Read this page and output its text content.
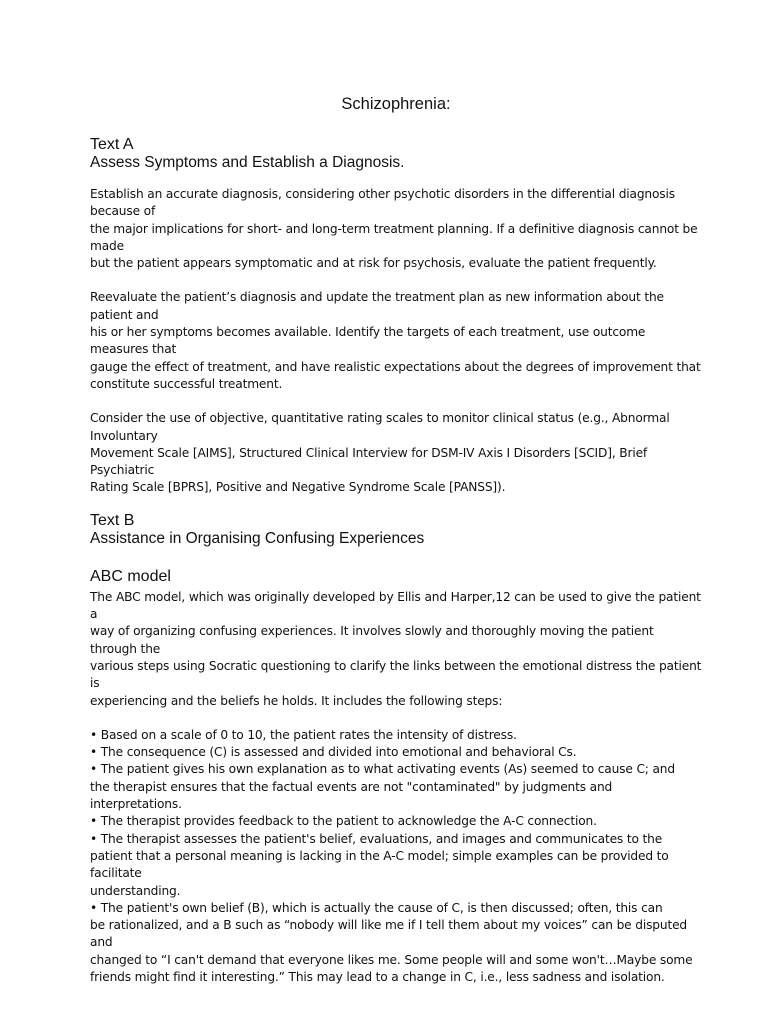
Schizophrenia:
Text A
Assess Symptoms and Establish a Diagnosis.

Establish an accurate diagnosis, considering other psychotic disorders in the differential diagnosis because of
the major implications for short- and long-term treatment planning. If a definitive diagnosis cannot be made
but the patient appears symptomatic and at risk for psychosis, evaluate the patient frequently.

Reevaluate the patient’s diagnosis and update the treatment plan as new information about the patient and
his or her symptoms becomes available. Identify the targets of each treatment, use outcome measures that
gauge the effect of treatment, and have realistic expectations about the degrees of improvement that
constitute successful treatment.

Consider the use of objective, quantitative rating scales to monitor clinical status (e.g., Abnormal Involuntary
Movement Scale [AIMS], Structured Clinical Interview for DSM-IV Axis I Disorders [SCID], Brief Psychiatric
Rating Scale [BPRS], Positive and Negative Syndrome Scale [PANSS]).

Text B
Assistance in Organising Confusing Experiences
ABC model

The ABC model, which was originally developed by Ellis and Harper,12 can be used to give the patient a
way of organizing confusing experiences. It involves slowly and thoroughly moving the patient through the
various steps using Socratic questioning to clarify the links between the emotional distress the patient is
experiencing and the beliefs he holds. It includes the following steps:

• Based on a scale of 0 to 10, the patient rates the intensity of distress.
• The consequence (C) is assessed and divided into emotional and behavioral Cs.
• The patient gives his own explanation as to what activating events (As) seemed to cause C; and
the therapist ensures that the factual events are not "contaminated" by judgments and interpretations.
• The therapist provides feedback to the patient to acknowledge the A-C connection.
• The therapist assesses the patient's belief, evaluations, and images and communicates to the
patient that a personal meaning is lacking in the A-C model; simple examples can be provided to facilitate
understanding.
• The patient's own belief (B), which is actually the cause of C, is then discussed; often, this can
be rationalized, and a B such as “nobody will like me if I tell them about my voices” can be disputed and
changed to “I can't demand that everyone likes me. Some people will and some won't…Maybe some
friends might find it interesting.” This may lead to a change in C, i.e., less sadness and isolation.
